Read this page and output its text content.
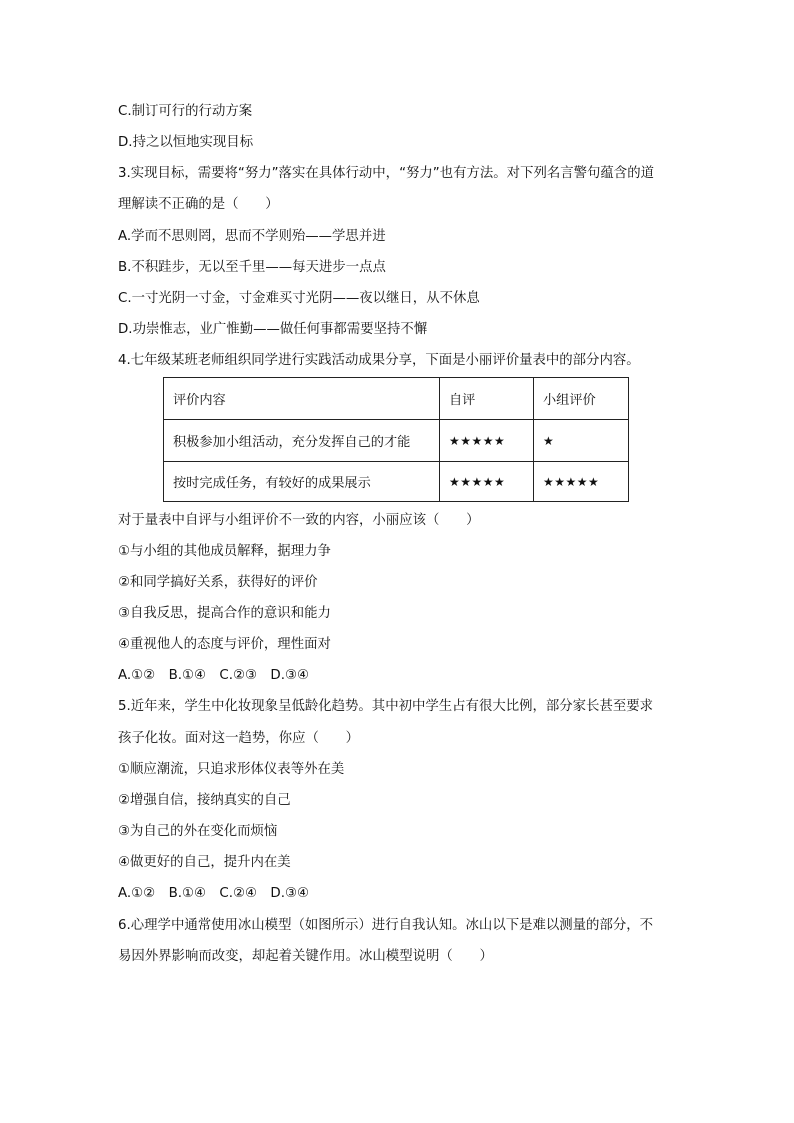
C.制订可行的行动方案
D.持之以恒地实现目标
3.实现目标，需要将“努力”落实在具体行动中，“努力”也有方法。对下列名言警句蕴含的道
理解读不正确的是（　　）
A.学而不思则罔，思而不学则殆——学思并进
B.不积跬步，无以至千里——每天进步一点点
C.一寸光阴一寸金，寸金难买寸光阴——夜以继日，从不休息
D.功崇惟志，业广惟勤——做任何事都需要坚持不懈
4.七年级某班老师组织同学进行实践活动成果分享，下面是小丽评价量表中的部分内容。
评价内容	自评	小组评价
积极参加小组活动，充分发挥自己的才能	★★★★★	★
按时完成任务，有较好的成果展示	★★★★★	★★★★★
对于量表中自评与小组评价不一致的内容，小丽应该（　　）
①与小组的其他成员解释，据理力争
②和同学搞好关系，获得好的评价
③自我反思，提高合作的意识和能力
④重视他人的态度与评价，理性面对
A.①②　B.①④　C.②③　D.③④
5.近年来，学生中化妆现象呈低龄化趋势。其中初中学生占有很大比例，部分家长甚至要求
孩子化妆。面对这一趋势，你应（　　）
①顺应潮流，只追求形体仪表等外在美
②增强自信，接纳真实的自己
③为自己的外在变化而烦恼
④做更好的自己，提升内在美
A.①②　B.①④　C.②④　D.③④
6.心理学中通常使用冰山模型（如图所示）进行自我认知。冰山以下是难以测量的部分，不
易因外界影响而改变，却起着关键作用。冰山模型说明（　　）
